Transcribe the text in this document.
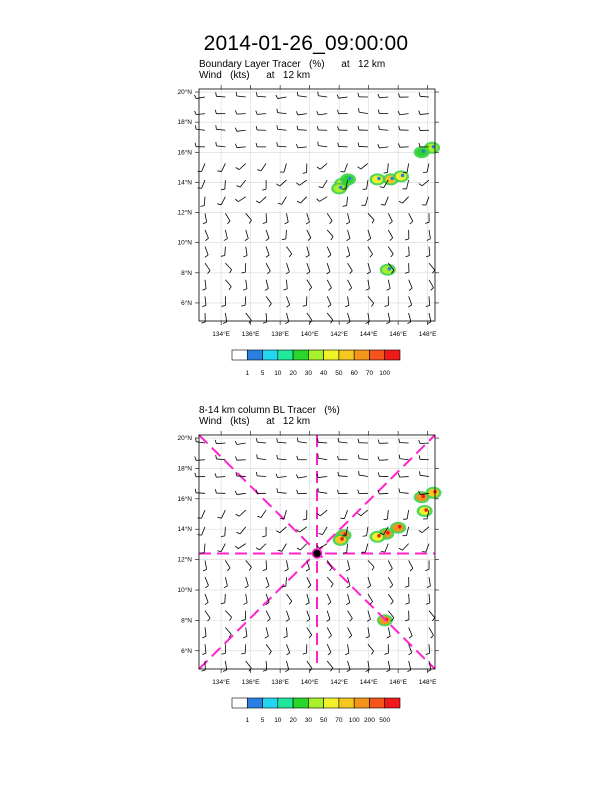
2014-01-26_09:00:00
Boundary Layer Tracer   (%)      at   12 km
Wind   (kts)      at   12 km
8-14 km column BL Tracer   (%)
Wind   (kts)      at   12 km
134°E 136°E 138°E 140°E 142°E 144°E 146°E 148°E
6°N
8°N
10°N
12°N
14°N
16°N
18°N
20°N
1 5 10 20 30 40 50 60 70 100
134°E 136°E 138°E 140°E 142°E 144°E 146°E 148°E
6°N
8°N
10°N
12°N
14°N
16°N
18°N
20°N
1 5 10 20 30 50 70 100 200 500
